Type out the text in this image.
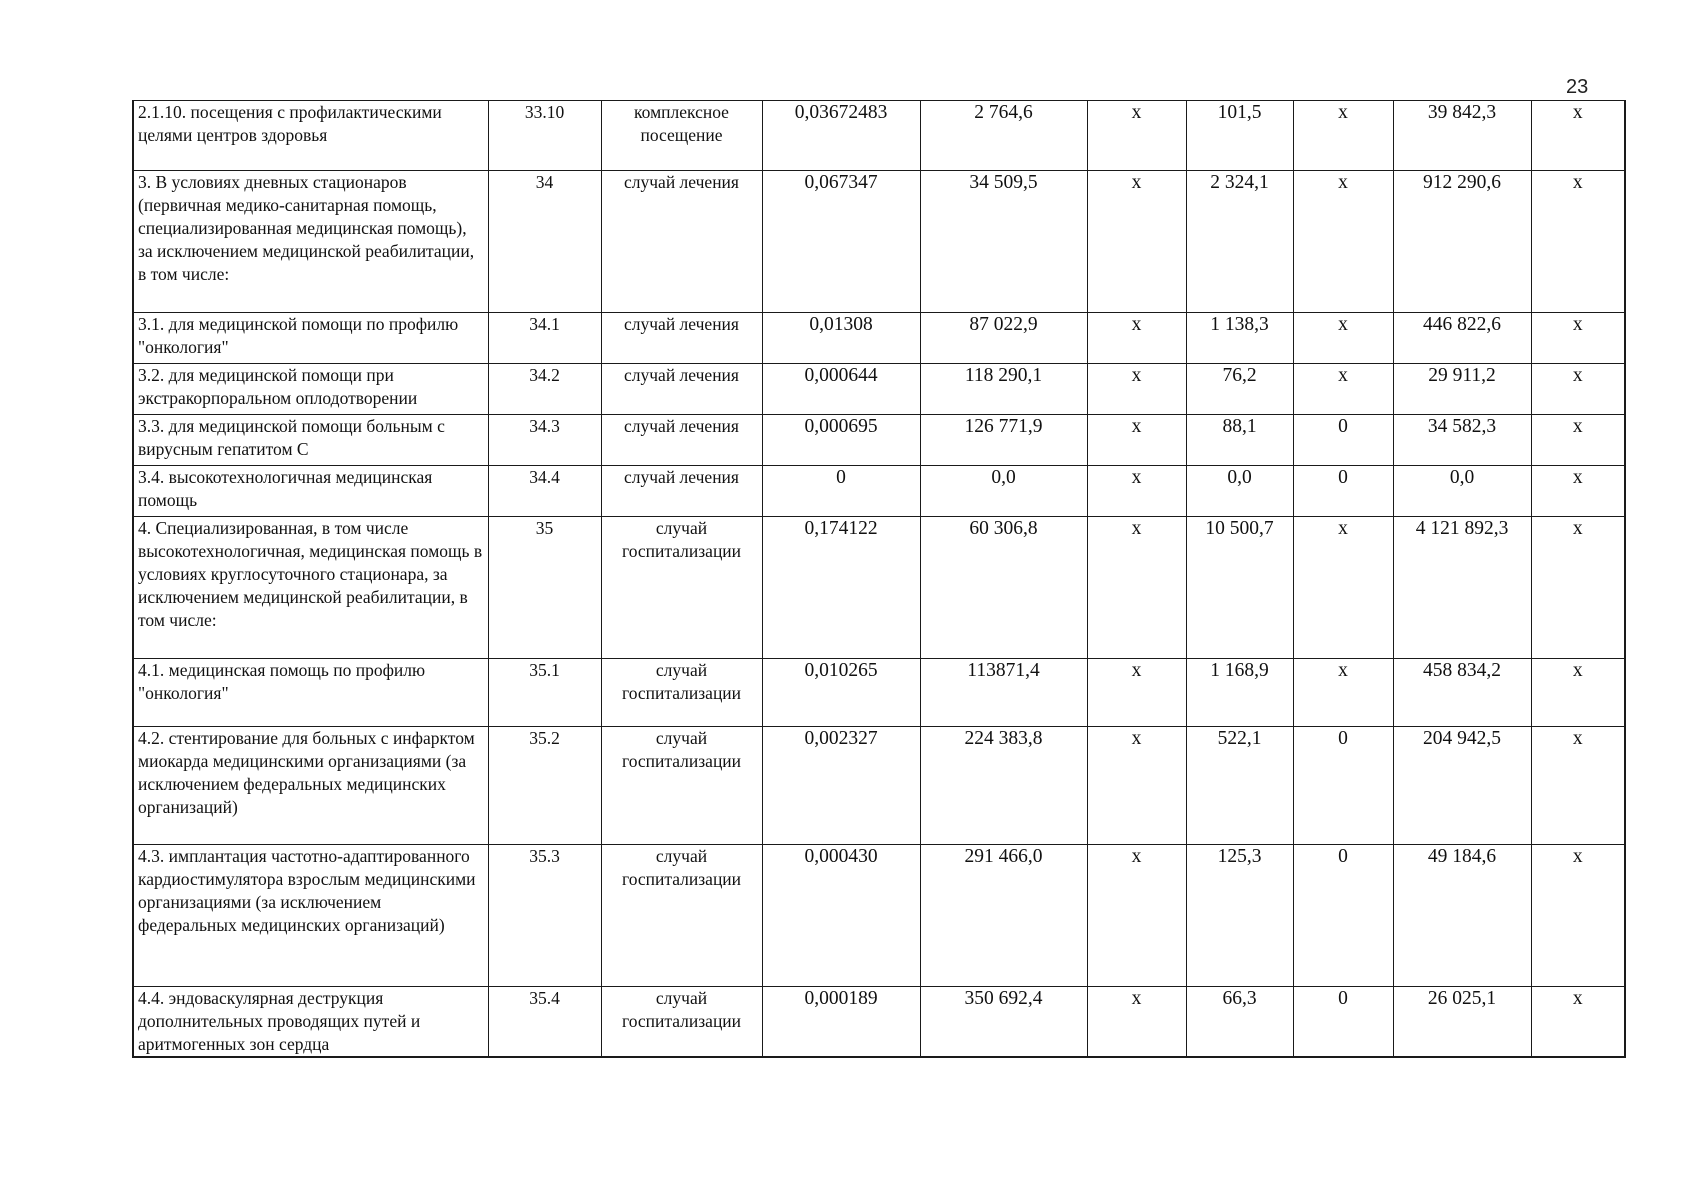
23
2.1.10. посещения с профилактическими целями центров здоровья	33.10	комплексное посещение	0,03672483	2 764,6	х	101,5	х	39 842,3	х
3. В условиях дневных стационаров (первичная медико-санитарная помощь, специализированная медицинская помощь), за исключением медицинской реабилитации, в том числе:	34	случай лечения	0,067347	34 509,5	х	2 324,1	х	912 290,6	х
3.1. для медицинской помощи по профилю "онкология"	34.1	случай лечения	0,01308	87 022,9	х	1 138,3	х	446 822,6	х
3.2. для медицинской помощи при экстракорпоральном оплодотворении	34.2	случай лечения	0,000644	118 290,1	х	76,2	х	29 911,2	х
3.3. для медицинской помощи больным с вирусным гепатитом С	34.3	случай лечения	0,000695	126 771,9	х	88,1	0	34 582,3	х
3.4. высокотехнологичная медицинская помощь	34.4	случай лечения	0	0,0	х	0,0	0	0,0	х
4. Специализированная, в том числе высокотехнологичная, медицинская помощь в условиях круглосуточного стационара, за исключением медицинской реабилитации, в том числе:	35	случай госпитализации	0,174122	60 306,8	х	10 500,7	х	4 121 892,3	х
4.1. медицинская помощь по профилю "онкология"	35.1	случай госпитализации	0,010265	113871,4	х	1 168,9	х	458 834,2	х
4.2. стентирование для больных с инфарктом миокарда медицинскими организациями (за исключением федеральных медицинских организаций)	35.2	случай госпитализации	0,002327	224 383,8	х	522,1	0	204 942,5	х
4.3. имплантация частотно-адаптированного кардиостимулятора взрослым медицинскими организациями (за исключением федеральных медицинских организаций)	35.3	случай госпитализации	0,000430	291 466,0	х	125,3	0	49 184,6	х
4.4. эндоваскулярная деструкция дополнительных проводящих путей и аритмогенных зон сердца	35.4	случай госпитализации	0,000189	350 692,4	х	66,3	0	26 025,1	х
